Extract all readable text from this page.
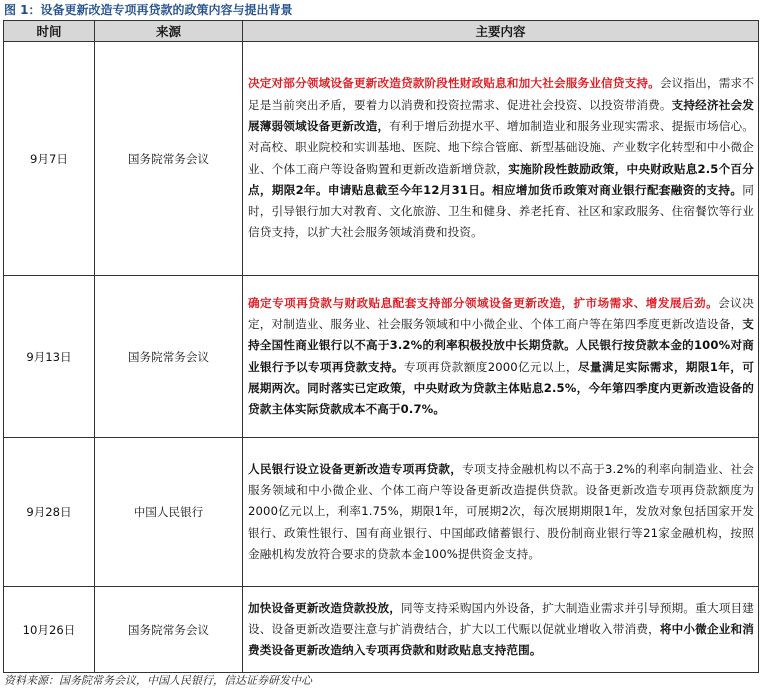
图 1：设备更新改造专项再贷款的政策内容与提出背景
时间	来源	主要内容
9月7日	国务院常务会议	决定对部分领域设备更新改造贷款阶段性财政贴息和加大社会服务业信贷支持。会议指出，需求不足是当前突出矛盾，要着力以消费和投资拉需求、促进社会投资、以投资带消费。支持经济社会发展薄弱领域设备更新改造，有利于增后劲提水平、增加制造业和服务业现实需求、提振市场信心。对高校、职业院校和实训基地、医院、地下综合管廊、新型基础设施、产业数字化转型和中小微企业、个体工商户等设备购置和更新改造新增贷款，实施阶段性鼓励政策，中央财政贴息2.5个百分点，期限2年。申请贴息截至今年12月31日。相应增加货币政策对商业银行配套融资的支持。同时，引导银行加大对教育、文化旅游、卫生和健身、养老托育、社区和家政服务、住宿餐饮等行业信贷支持，以扩大社会服务领域消费和投资。
9月13日	国务院常务会议	确定专项再贷款与财政贴息配套支持部分领域设备更新改造，扩市场需求、增发展后劲。会议决定，对制造业、服务业、社会服务领域和中小微企业、个体工商户等在第四季度更新改造设备，支持全国性商业银行以不高于3.2%的利率积极投放中长期贷款。人民银行按贷款本金的100%对商业银行予以专项再贷款支持。专项再贷款额度2000亿元以上，尽量满足实际需求，期限1年，可展期两次。同时落实已定政策，中央财政为贷款主体贴息2.5%，今年第四季度内更新改造设备的贷款主体实际贷款成本不高于0.7%。
9月28日	中国人民银行	人民银行设立设备更新改造专项再贷款，专项支持金融机构以不高于3.2%的利率向制造业、社会服务领域和中小微企业、个体工商户等设备更新改造提供贷款。设备更新改造专项再贷款额度为2000亿元以上，利率1.75%，期限1年，可展期2次，每次展期期限1年，发放对象包括国家开发银行、政策性银行、国有商业银行、中国邮政储蓄银行、股份制商业银行等21家金融机构，按照金融机构发放符合要求的贷款本金100%提供资金支持。
10月26日	国务院常务会议	加快设备更新改造贷款投放，同等支持采购国内外设备，扩大制造业需求并引导预期。重大项目建设、设备更新改造要注意与扩消费结合，扩大以工代赈以促就业增收入带消费，将中小微企业和消费类设备更新改造纳入专项再贷款和财政贴息支持范围。
资料来源：国务院常务会议，中国人民银行，信达证券研发中心
